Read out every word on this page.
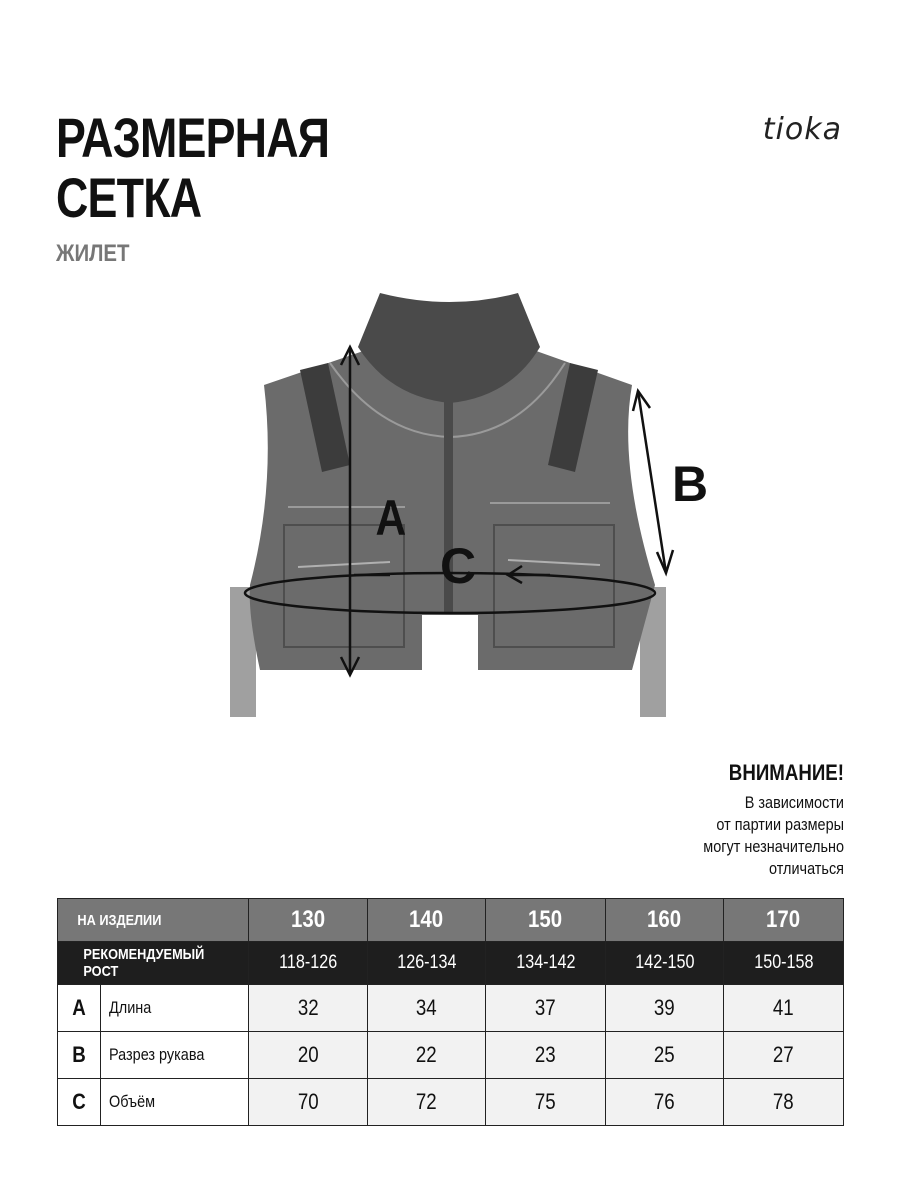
РАЗМЕРНАЯ
СЕТКА
ЖИЛЕТ
tioka
A
B
C
ВНИМАНИЕ!
В зависимости
от партии размеры
могут незначительно
отличаться
НА ИЗДЕЛИИ		130	140	150	160	170
РЕКОМЕНДУЕМЫЙ РОСТ		118-126	126-134	134-142	142-150	150-158
A	Длина	32	34	37	39	41
B	Разрез рукава	20	22	23	25	27
C	Объём	70	72	75	76	78
